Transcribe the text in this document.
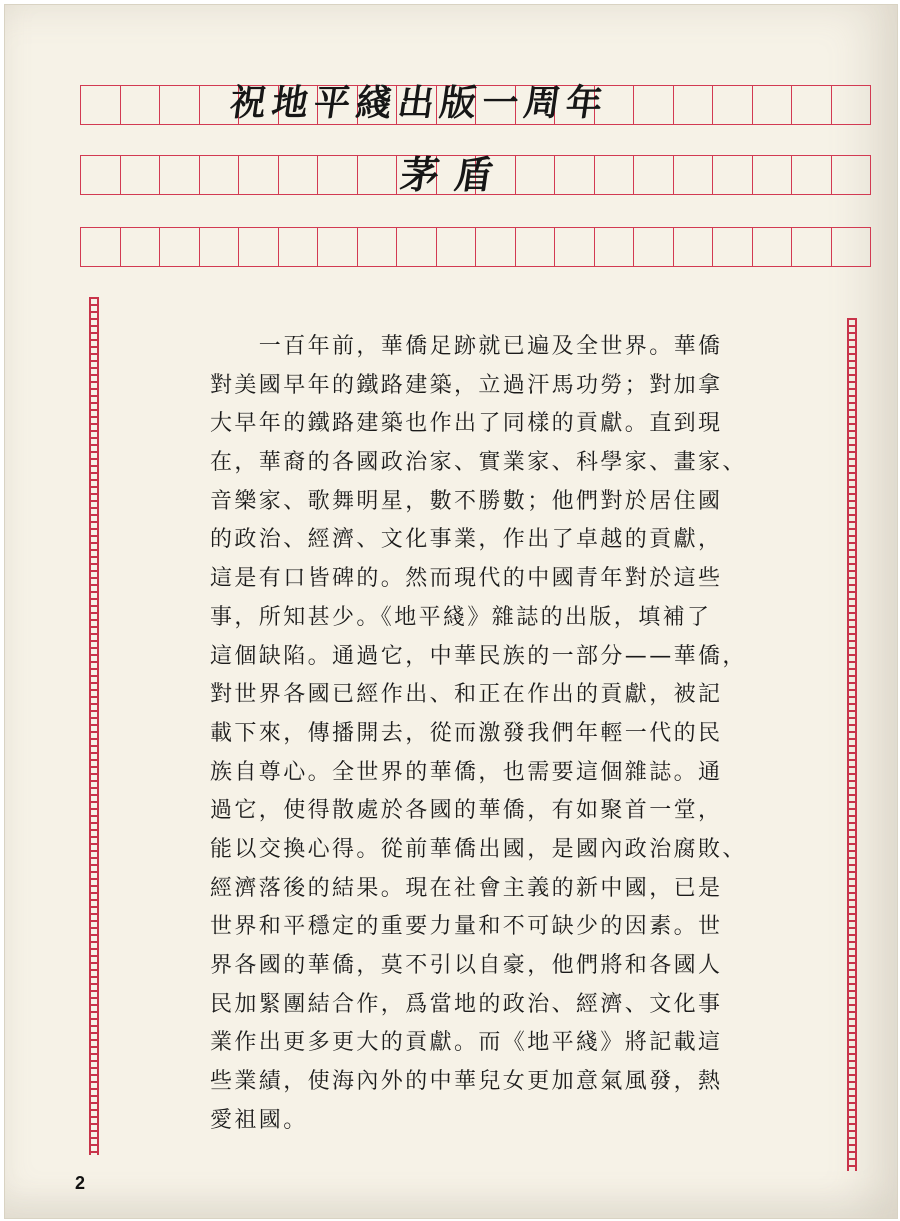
祝地平綫出版一周年
茅盾
　　一百年前，華僑足跡就已遍及全世界。華僑
對美國早年的鐵路建築，立過汗馬功勞；對加拿
大早年的鐵路建築也作出了同樣的貢獻。直到現
在，華裔的各國政治家、實業家、科學家、畫家、
音樂家、歌舞明星，數不勝數；他們對於居住國
的政治、經濟、文化事業，作出了卓越的貢獻，
這是有口皆碑的。然而現代的中國青年對於這些
事，所知甚少。《地平綫》雜誌的出版，填補了
這個缺陷。通過它，中華民族的一部分——華僑，
對世界各國已經作出、和正在作出的貢獻，被記
載下來，傳播開去，從而激發我們年輕一代的民
族自尊心。全世界的華僑，也需要這個雜誌。通
過它，使得散處於各國的華僑，有如聚首一堂，
能以交換心得。從前華僑出國，是國內政治腐敗、
經濟落後的結果。現在社會主義的新中國，已是
世界和平穩定的重要力量和不可缺少的因素。世
界各國的華僑，莫不引以自豪，他們將和各國人
民加緊團結合作，爲當地的政治、經濟、文化事
業作出更多更大的貢獻。而《地平綫》將記載這
些業績，使海內外的中華兒女更加意氣風發，熱
愛祖國。
2
